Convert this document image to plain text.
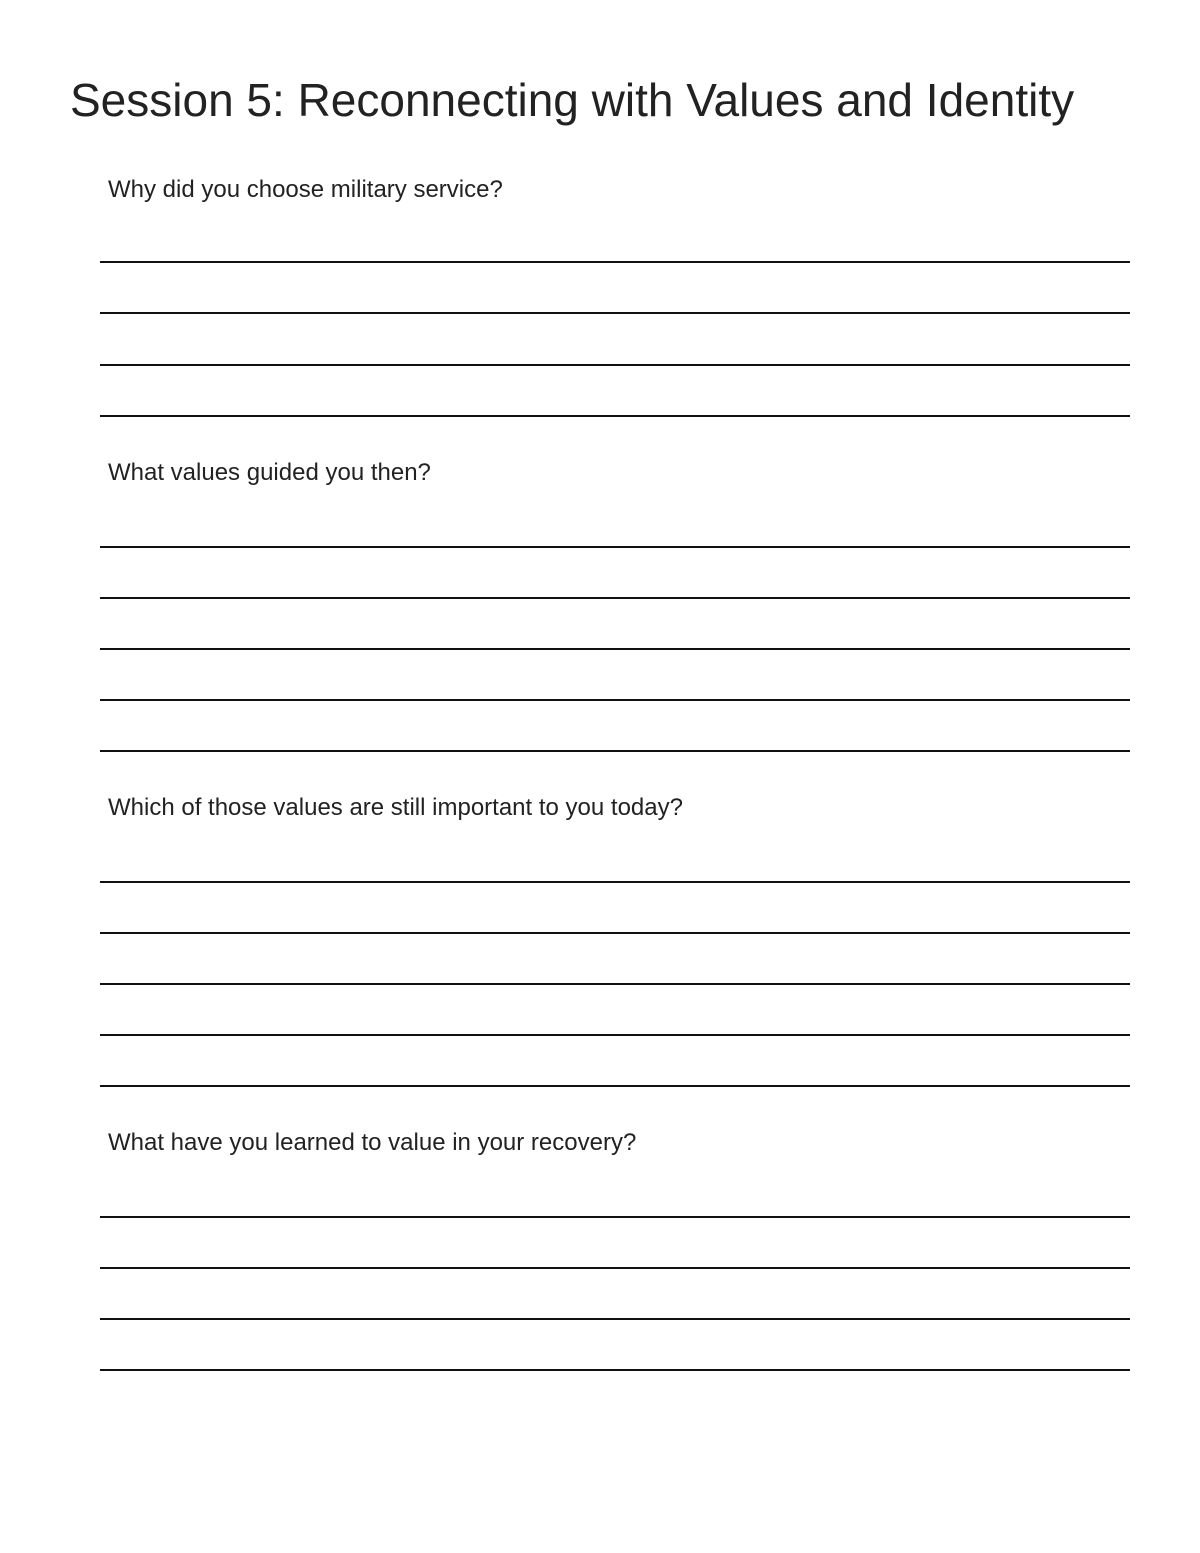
Session 5: Reconnecting with Values and Identity

Why did you choose military service?

What values guided you then?

Which of those values are still important to you today?

What have you learned to value in your recovery?
